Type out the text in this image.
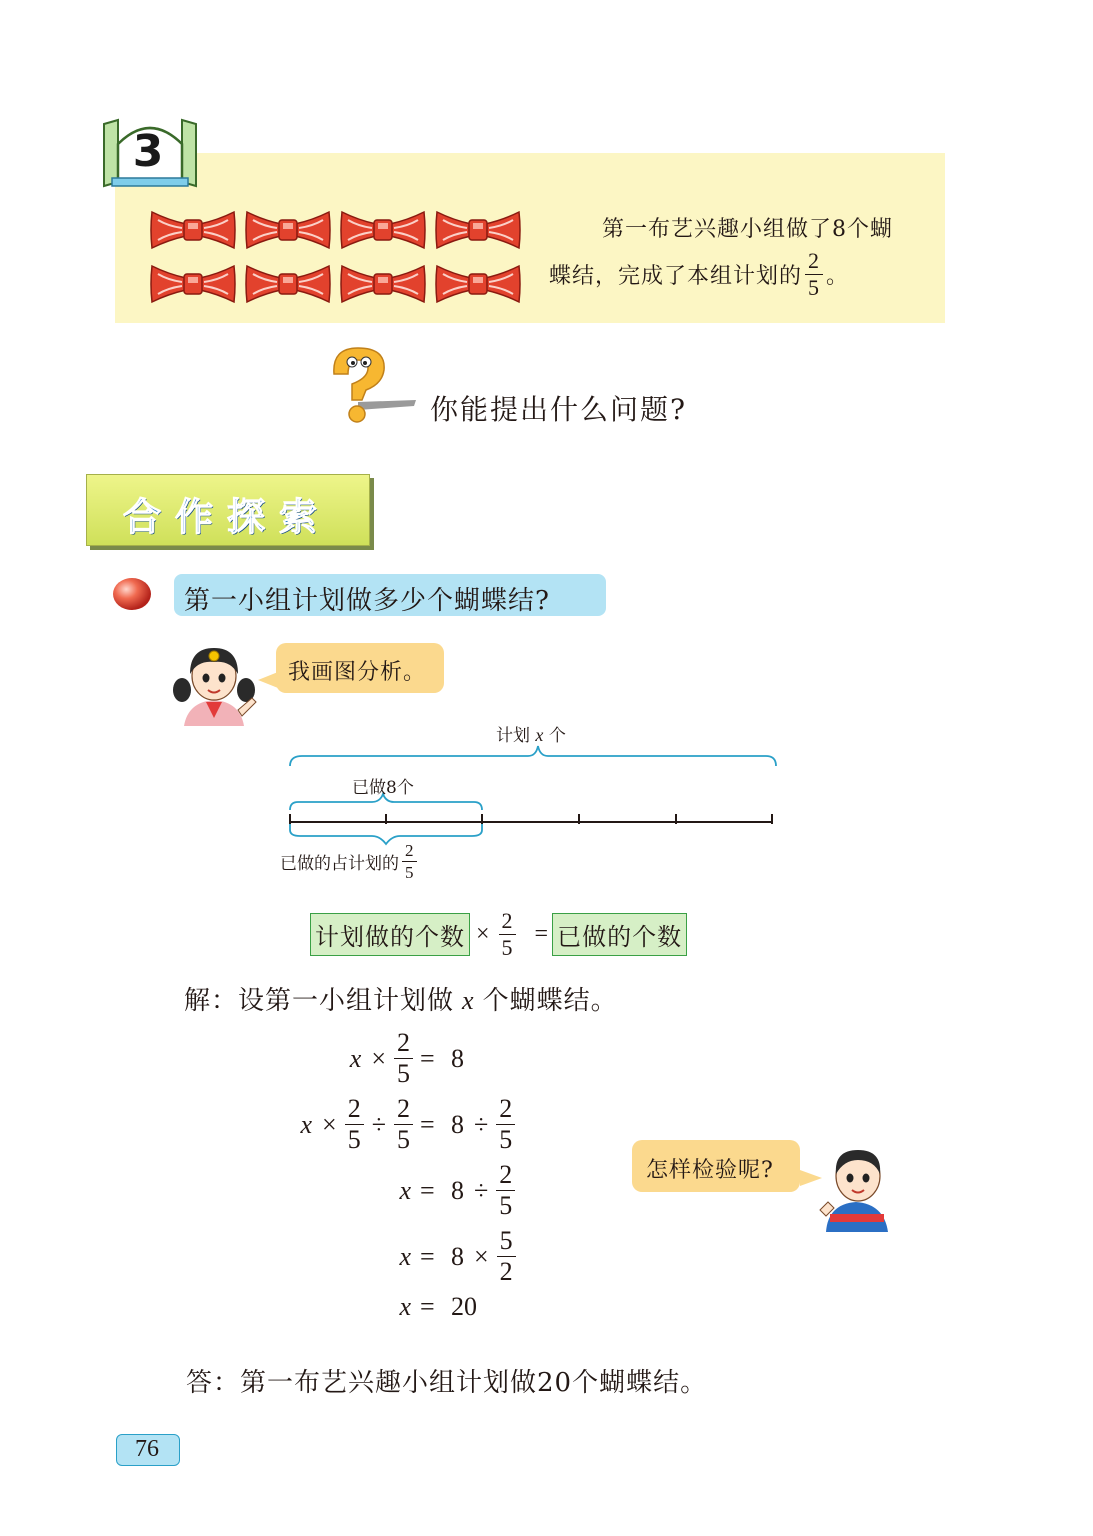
3
第一布艺兴趣小组做了8个蝴
蝶结，完成了本组计划的 $\frac{2}{5}$ 。
你能提出什么问题?
合作探索
第一小组计划做多少个蝴蝶结?
我画图分析。
计划 x 个
已做8个
已做的占计划的 $\frac{2}{5}$
计划做的个数 × $\frac{2}{5}$ = 已做的个数
解：设第一小组计划做 x 个蝴蝶结。
$x \times \frac{2}{5} = 8$
$x \times \frac{2}{5} \div \frac{2}{5} = 8 \div \frac{2}{5}$
$x = 8 \div \frac{2}{5}$
$x = 8 \times \frac{5}{2}$
x = 20
怎样检验呢?
答：第一布艺兴趣小组计划做20个蝴蝶结。
76
